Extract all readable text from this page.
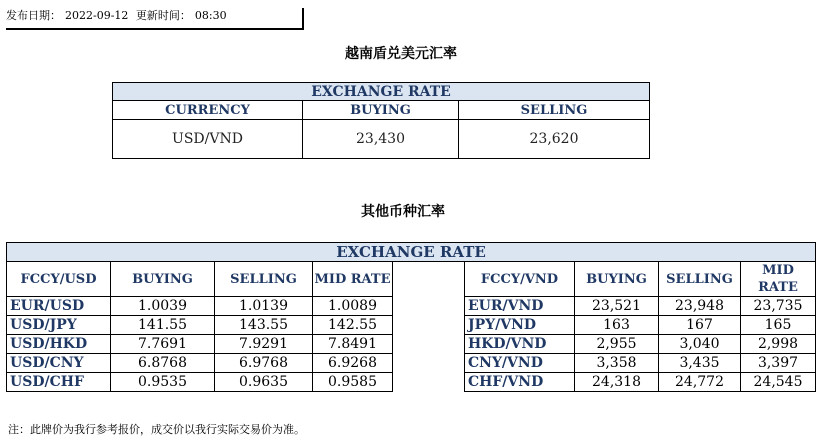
发布日期： 2022-09-12 更新时间： 08:30
越南盾兑美元汇率
EXCHANGE RATE		
CURRENCY	BUYING	SELLING
USD/VND	23,430	23,620
其他币种汇率
EXCHANGE RATE								
FCCY/USD	BUYING	SELLING	MID RATE		FCCY/VND	BUYING	SELLING	MID RATE
EUR/USD	1.0039	1.0139	1.0089		EUR/VND	23,521	23,948	23,735
USD/JPY	141.55	143.55	142.55		JPY/VND	163	167	165
USD/HKD	7.7691	7.9291	7.8491		HKD/VND	2,955	3,040	2,998
USD/CNY	6.8768	6.9768	6.9268		CNY/VND	3,358	3,435	3,397
USD/CHF	0.9535	0.9635	0.9585		CHF/VND	24,318	24,772	24,545
注：此牌价为我行参考报价，成交价以我行实际交易价为准。
